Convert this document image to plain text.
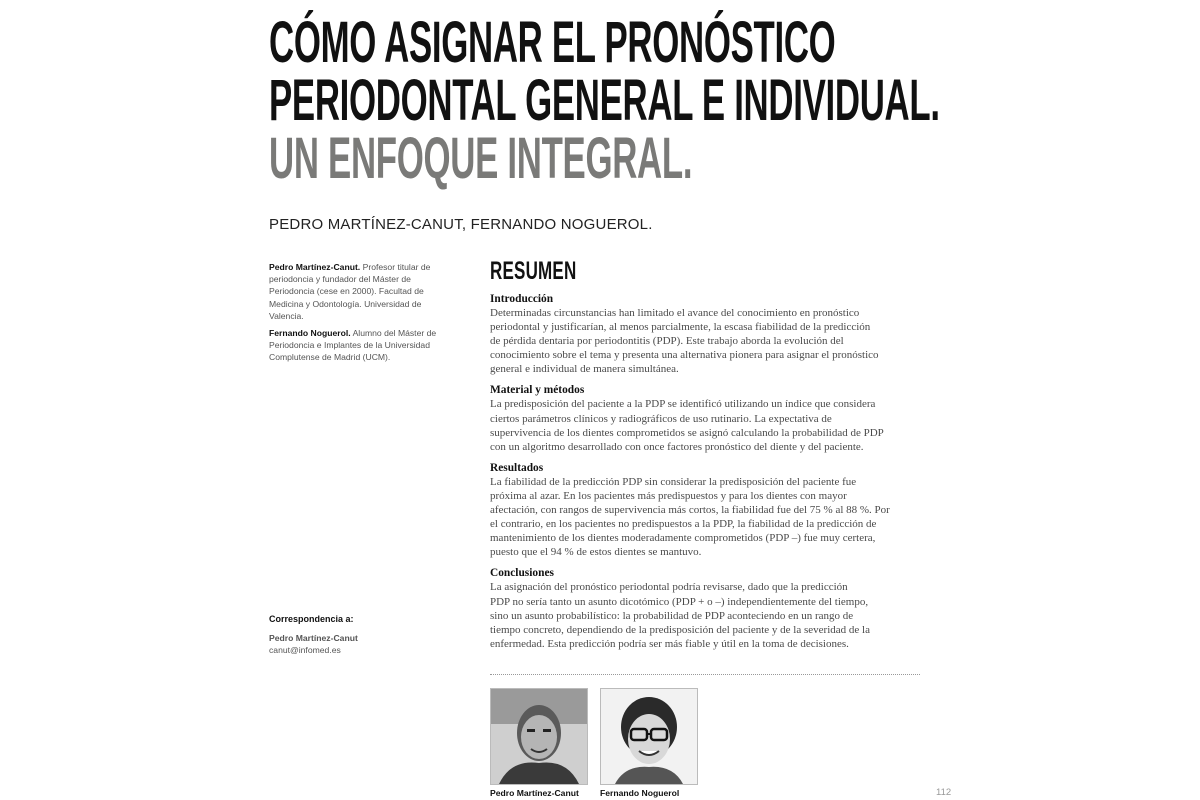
CÓMO ASIGNAR EL PRONÓSTICO
PERIODONTAL GENERAL E INDIVIDUAL.
UN ENFOQUE INTEGRAL.
PEDRO MARTÍNEZ-CANUT, FERNANDO NOGUEROL.

Pedro Martínez-Canut. Profesor titular de periodoncia y fundador del Máster de Periodoncia (cese en 2000). Facultad de Medicina y Odontología. Universidad de Valencia.

Fernando Noguerol. Alumno del Máster de Periodoncia e Implantes de la Universidad Complutense de Madrid (UCM).

Correspondencia a:
Pedro Martínez-Canut
canut@infomed.es
RESUMEN
Introducción

Determinadas circunstancias han limitado el avance del conocimiento en pronóstico
periodontal y justificarían, al menos parcialmente, la escasa fiabilidad de la predicción
de pérdida dentaria por periodontitis (PDP). Este trabajo aborda la evolución del
conocimiento sobre el tema y presenta una alternativa pionera para asignar el pronóstico
general e individual de manera simultánea.

Material y métodos

La predisposición del paciente a la PDP se identificó utilizando un índice que considera
ciertos parámetros clínicos y radiográficos de uso rutinario. La expectativa de
supervivencia de los dientes comprometidos se asignó calculando la probabilidad de PDP
con un algoritmo desarrollado con once factores pronóstico del diente y del paciente.

Resultados

La fiabilidad de la predicción PDP sin considerar la predisposición del paciente fue
próxima al azar. En los pacientes más predispuestos y para los dientes con mayor
afectación, con rangos de supervivencia más cortos, la fiabilidad fue del 75 % al 88 %. Por
el contrario, en los pacientes no predispuestos a la PDP, la fiabilidad de la predicción de
mantenimiento de los dientes moderadamente comprometidos (PDP –) fue muy certera,
puesto que el 94 % de estos dientes se mantuvo.

Conclusiones

La asignación del pronóstico periodontal podría revisarse, dado que la predicción
PDP no sería tanto un asunto dicotómico (PDP + o –) independientemente del tiempo,
sino un asunto probabilístico: la probabilidad de PDP aconteciendo en un rango de
tiempo concreto, dependiendo de la predisposición del paciente y de la severidad de la
enfermedad. Esta predicción podría ser más fiable y útil en la toma de decisiones.

Pedro Martínez-Canut Fernando Noguerol	112
